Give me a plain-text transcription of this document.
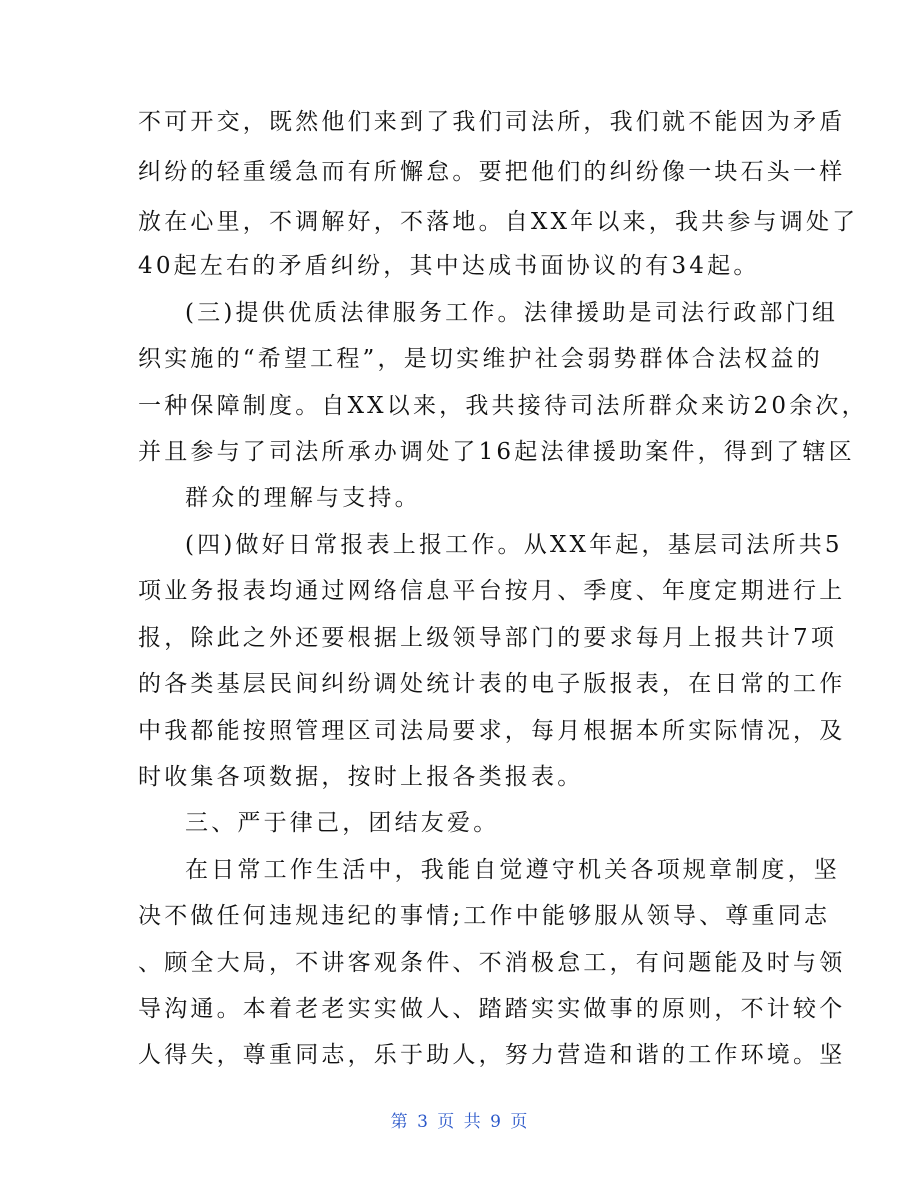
不可开交，既然他们来到了我们司法所，我们就不能因为矛盾
纠纷的轻重缓急而有所懈怠。要把他们的纠纷像一块石头一样
放在心里，不调解好，不落地。自XX年以来，我共参与调处了
40起左右的矛盾纠纷，其中达成书面协议的有34起。
(三)提供优质法律服务工作。法律援助是司法行政部门组
织实施的“希望工程”，是切实维护社会弱势群体合法权益的
一种保障制度。自XX以来，我共接待司法所群众来访20余次，
并且参与了司法所承办调处了16起法律援助案件，得到了辖区
群众的理解与支持。
(四)做好日常报表上报工作。从XX年起，基层司法所共5
项业务报表均通过网络信息平台按月、季度、年度定期进行上
报，除此之外还要根据上级领导部门的要求每月上报共计7项
的各类基层民间纠纷调处统计表的电子版报表，在日常的工作
中我都能按照管理区司法局要求，每月根据本所实际情况，及
时收集各项数据，按时上报各类报表。
三、严于律己，团结友爱。
在日常工作生活中，我能自觉遵守机关各项规章制度，坚
决不做任何违规违纪的事情;工作中能够服从领导、尊重同志
、顾全大局，不讲客观条件、不消极怠工，有问题能及时与领
导沟通。本着老老实实做人、踏踏实实做事的原则，不计较个
人得失，尊重同志，乐于助人，努力营造和谐的工作环境。坚
第 3 页 共 9 页
